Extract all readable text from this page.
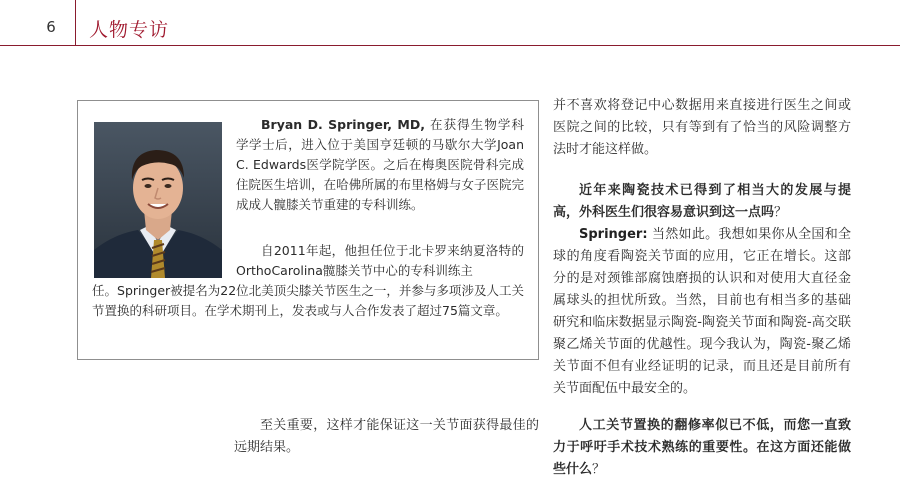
6	人物专访
Bryan D. Springer, MD, 在获得生物学科学学士后，进入位于美国亨廷顿的马歇尔大学Joan C. Edwards医学院学医。之后在梅奥医院骨科完成住院医生培训，在哈佛所属的布里格姆与女子医院完成成人髋膝关节重建的专科训练。
自2011年起，他担任位于北卡罗来纳夏洛特的OrthoCarolina髋膝关节中心的专科训练主
任。Springer被提名为22位北美顶尖膝关节医生之一，并参与多项涉及人工关节置换的科研项目。在学术期刊上，发表或与人合作发表了超过75篇文章。
至关重要，这样才能保证这一关节面获得最佳的远期结果。
并不喜欢将登记中心数据用来直接进行医生之间或医院之间的比较，只有等到有了恰当的风险调整方法时才能这样做。
近年来陶瓷技术已得到了相当大的发展与提高，外科医生们很容易意识到这一点吗？
Springer: 当然如此。我想如果你从全国和全球的角度看陶瓷关节面的应用，它正在增长。这部分的是对颈锥部腐蚀磨损的认识和对使用大直径金属球头的担忧所致。当然，目前也有相当多的基础研究和临床数据显示陶瓷-陶瓷关节面和陶瓷-高交联聚乙烯关节面的优越性。现今我认为，陶瓷-聚乙烯关节面不但有业经证明的记录，而且还是目前所有关节面配伍中最安全的。
人工关节置换的翻修率似已不低，而您一直致力于呼吁手术技术熟练的重要性。在这方面还能做些什么？
